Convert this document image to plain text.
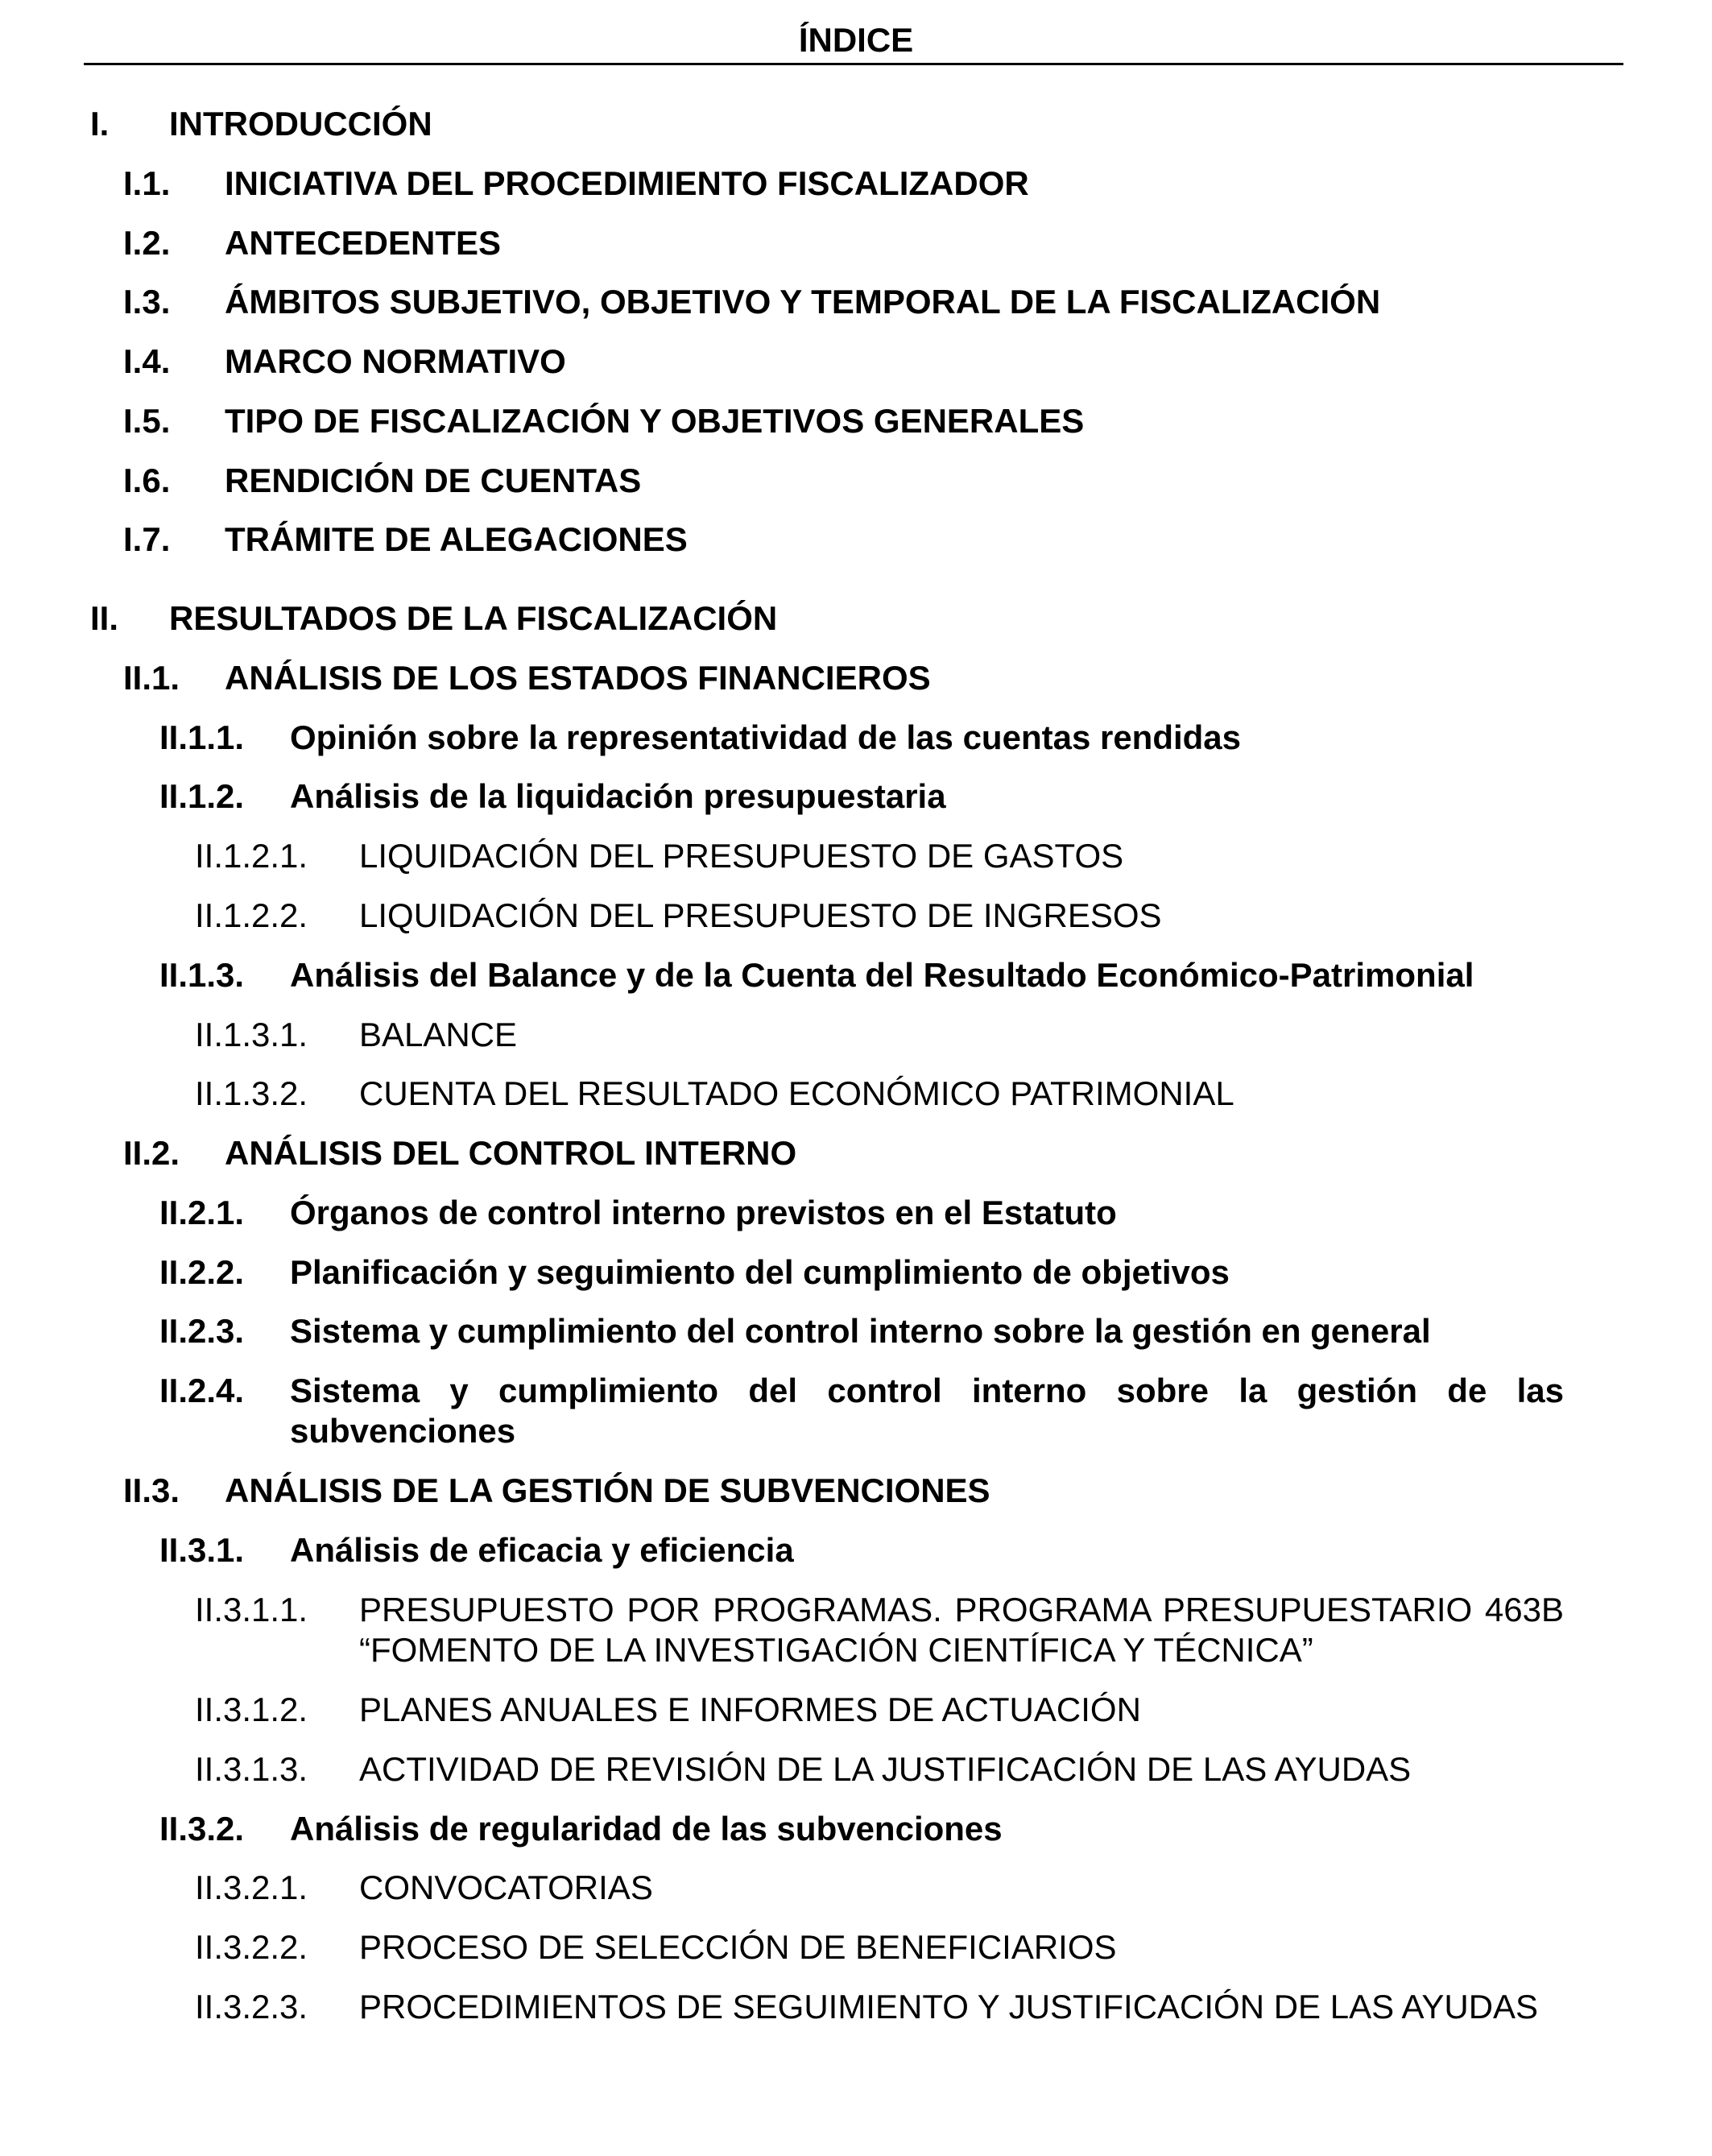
ÍNDICE
I. INTRODUCCIÓN
I.1. INICIATIVA DEL PROCEDIMIENTO FISCALIZADOR
I.2. ANTECEDENTES
I.3. ÁMBITOS SUBJETIVO, OBJETIVO Y TEMPORAL DE LA FISCALIZACIÓN
I.4. MARCO NORMATIVO
I.5. TIPO DE FISCALIZACIÓN Y OBJETIVOS GENERALES
I.6. RENDICIÓN DE CUENTAS
I.7. TRÁMITE DE ALEGACIONES
II. RESULTADOS DE LA FISCALIZACIÓN
II.1. ANÁLISIS DE LOS ESTADOS FINANCIEROS
II.1.1. Opinión sobre la representatividad de las cuentas rendidas
II.1.2. Análisis de la liquidación presupuestaria
II.1.2.1. LIQUIDACIÓN DEL PRESUPUESTO DE GASTOS
II.1.2.2. LIQUIDACIÓN DEL PRESUPUESTO DE INGRESOS
II.1.3. Análisis del Balance y de la Cuenta del Resultado Económico-Patrimonial
II.1.3.1. BALANCE
II.1.3.2. CUENTA DEL RESULTADO ECONÓMICO PATRIMONIAL
II.2. ANÁLISIS DEL CONTROL INTERNO
II.2.1. Órganos de control interno previstos en el Estatuto
II.2.2. Planificación y seguimiento del cumplimiento de objetivos
II.2.3. Sistema y cumplimiento del control interno sobre la gestión en general
II.2.4. Sistema y cumplimiento del control interno sobre la gestión de las subvenciones
II.3. ANÁLISIS DE LA GESTIÓN DE SUBVENCIONES
II.3.1. Análisis de eficacia y eficiencia
II.3.1.1. PRESUPUESTO POR PROGRAMAS. PROGRAMA PRESUPUESTARIO 463B “FOMENTO DE LA INVESTIGACIÓN CIENTÍFICA Y TÉCNICA”
II.3.1.2. PLANES ANUALES E INFORMES DE ACTUACIÓN
II.3.1.3. ACTIVIDAD DE REVISIÓN DE LA JUSTIFICACIÓN DE LAS AYUDAS
II.3.2. Análisis de regularidad de las subvenciones
II.3.2.1. CONVOCATORIAS
II.3.2.2. PROCESO DE SELECCIÓN DE BENEFICIARIOS
II.3.2.3. PROCEDIMIENTOS DE SEGUIMIENTO Y JUSTIFICACIÓN DE LAS AYUDAS
